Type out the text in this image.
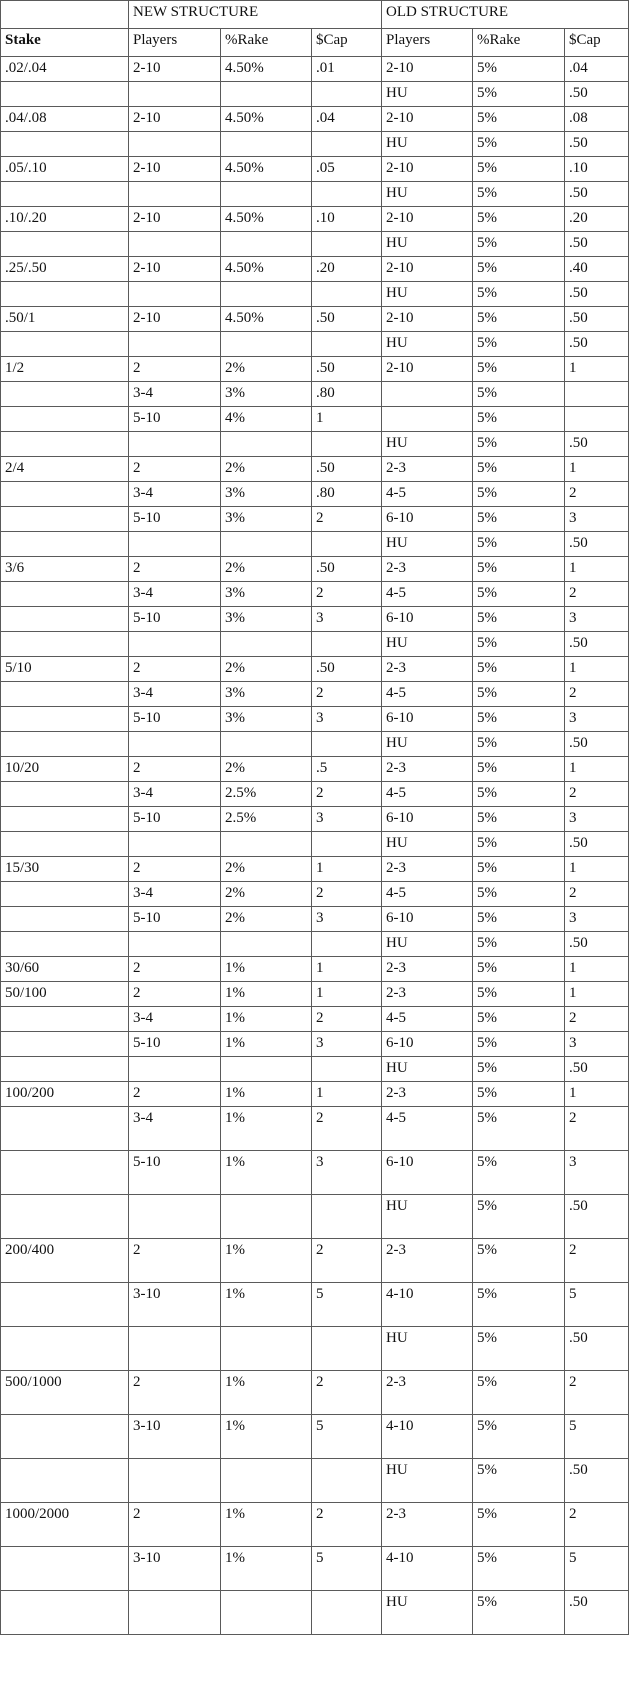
	NEW STRUCTURE			OLD STRUCTURE		
Stake	Players	%Rake	$Cap	Players	%Rake	$Cap
.02/.04	2-10	4.50%	.01	2-10	5%	.04
				HU	5%	.50
.04/.08	2-10	4.50%	.04	2-10	5%	.08
				HU	5%	.50
.05/.10	2-10	4.50%	.05	2-10	5%	.10
				HU	5%	.50
.10/.20	2-10	4.50%	.10	2-10	5%	.20
				HU	5%	.50
.25/.50	2-10	4.50%	.20	2-10	5%	.40
				HU	5%	.50
.50/1	2-10	4.50%	.50	2-10	5%	.50
				HU	5%	.50
1/2	2	2%	.50	2-10	5%	1
	3-4	3%	.80		5%	
	5-10	4%	1		5%	
				HU	5%	.50
2/4	2	2%	.50	2-3	5%	1
	3-4	3%	.80	4-5	5%	2
	5-10	3%	2	6-10	5%	3
				HU	5%	.50
3/6	2	2%	.50	2-3	5%	1
	3-4	3%	2	4-5	5%	2
	5-10	3%	3	6-10	5%	3
				HU	5%	.50
5/10	2	2%	.50	2-3	5%	1
	3-4	3%	2	4-5	5%	2
	5-10	3%	3	6-10	5%	3
				HU	5%	.50
10/20	2	2%	.5	2-3	5%	1
	3-4	2.5%	2	4-5	5%	2
	5-10	2.5%	3	6-10	5%	3
				HU	5%	.50
15/30	2	2%	1	2-3	5%	1
	3-4	2%	2	4-5	5%	2
	5-10	2%	3	6-10	5%	3
				HU	5%	.50
30/60	2	1%	1	2-3	5%	1
50/100	2	1%	1	2-3	5%	1
	3-4	1%	2	4-5	5%	2
	5-10	1%	3	6-10	5%	3
				HU	5%	.50
100/200	2	1%	1	2-3	5%	1
	3-4	1%	2	4-5	5%	2
	5-10	1%	3	6-10	5%	3
				HU	5%	.50
200/400	2	1%	2	2-3	5%	2
	3-10	1%	5	4-10	5%	5
				HU	5%	.50
500/1000	2	1%	2	2-3	5%	2
	3-10	1%	5	4-10	5%	5
				HU	5%	.50
1000/2000	2	1%	2	2-3	5%	2
	3-10	1%	5	4-10	5%	5
				HU	5%	.50
